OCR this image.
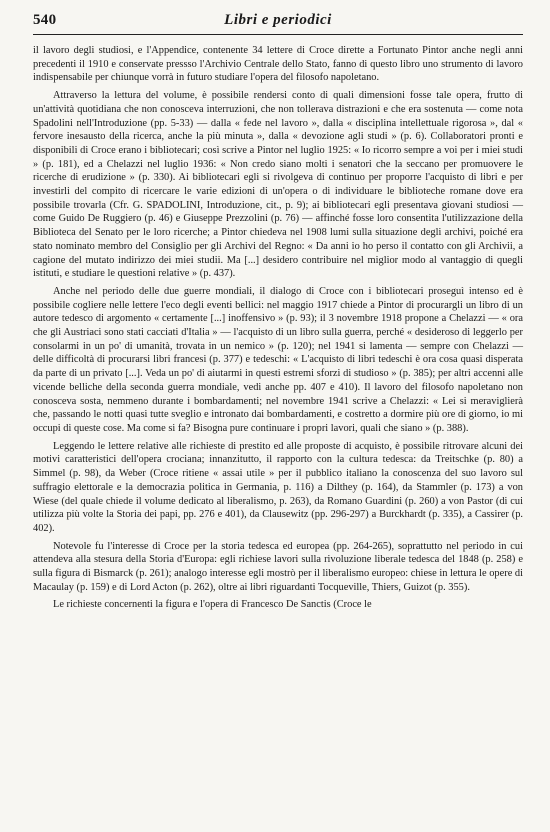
540	Libri e periodici

il lavoro degli studiosi, e l'Appendice, contenente 34 lettere di Croce dirette a Fortunato Pintor anche negli anni precedenti il 1910 e conservate pressso l'Archivio Centrale dello Stato, fanno di questo libro uno strumento di lavoro indispensabile per chiunque vorrà in futuro studiare l'opera del filosofo napoletano.

Attraverso la lettura del volume, è possibile rendersi conto di quali dimensioni fosse tale opera, frutto di un'attività quotidiana che non conosceva interruzioni, che non tollerava distrazioni e che era sostenuta — come nota Spadolini nell'Introduzione (pp. 5-33) — dalla « fede nel lavoro », dalla « disciplina intellettuale rigorosa », dal « fervore inesausto della ricerca, anche la più minuta », dalla « devozione agli studi » (p. 6). Collaboratori pronti e disponibili di Croce erano i bibliotecari; così scrive a Pintor nel luglio 1925: « Io ricorro sempre a voi per i miei studi » (p. 181), ed a Chelazzi nel luglio 1936: « Non credo siano molti i senatori che la seccano per promuovere le ricerche di erudizione » (p. 330). Ai bibliotecari egli si rivolgeva di continuo per proporre l'acquisto di libri e per investirli del compito di ricercare le varie edizioni di un'opera o di individuare le biblioteche romane dove era possibile trovarla (Cfr. G. SPADOLINI, Introduzione, cit., p. 9); ai bibliotecari egli presentava giovani studiosi — come Guido De Ruggiero (p. 46) e Giuseppe Prezzolini (p. 76) — affinché fosse loro consentita l'utilizzazione della Biblioteca del Senato per le loro ricerche; a Pintor chiedeva nel 1908 lumi sulla situazione degli archivi, poiché era stato nominato membro del Consiglio per gli Archivi del Regno: « Da anni io ho perso il contatto con gli Archivii, a cagione del mutato indirizzo dei miei studii. Ma [...] desidero contribuire nel miglior modo al vantaggio di quegli istituti, e studiare le questioni relative » (p. 437).

Anche nel periodo delle due guerre mondiali, il dialogo di Croce con i bibliotecari proseguì intenso ed è possibile cogliere nelle lettere l'eco degli eventi bellici: nel maggio 1917 chiede a Pintor di procurargli un libro di un autore tedesco di argomento « certamente [...] inoffensivo » (p. 93); il 3 novembre 1918 propone a Chelazzi — « ora che gli Austriaci sono stati cacciati d'Italia » — l'acquisto di un libro sulla guerra, perché « desideroso di leggerlo per consolarmi in un po' di umanità, trovata in un nemico » (p. 120); nel 1941 si lamenta — sempre con Chelazzi — delle difficoltà di procurarsi libri francesi (p. 377) e tedeschi: « L'acquisto di libri tedeschi è ora cosa quasi disperata da parte di un privato [...]. Veda un po' di aiutarmi in questi estremi sforzi di studioso » (p. 385); per altri accenni alle vicende belliche della seconda guerra mondiale, vedi anche pp. 407 e 410). Il lavoro del filosofo napoletano non conosceva sosta, nemmeno durante i bombardamenti; nel novembre 1941 scrive a Chelazzi: « Lei si meraviglierà che, passando le notti quasi tutte sveglio e intronato dai bombardamenti, e costretto a dormire più ore di giorno, io mi occupi di queste cose. Ma come si fa? Bisogna pure continuare i propri lavori, quali che siano » (p. 388).

Leggendo le lettere relative alle richieste di prestito ed alle proposte di acquisto, è possibile ritrovare alcuni dei motivi caratteristici dell'opera crociana; innanzitutto, il rapporto con la cultura tedesca: da Treitschke (p. 80) a Simmel (p. 98), da Weber (Croce ritiene « assai utile » per il pubblico italiano la conoscenza del suo lavoro sul suffragio elettorale e la democrazia politica in Germania, p. 116) a Dilthey (p. 164), da Stammler (p. 173) a von Wiese (del quale chiede il volume dedicato al liberalismo, p. 263), da Romano Guardini (p. 260) a von Pastor (di cui utilizza più volte la Storia dei papi, pp. 276 e 401), da Clausewitz (pp. 296-297) a Burckhardt (p. 335), a Cassirer (p. 402).

Notevole fu l'interesse di Croce per la storia tedesca ed europea (pp. 264-265), soprattutto nel periodo in cui attendeva alla stesura della Storia d'Europa: egli richiese lavori sulla rivoluzione liberale tedesca del 1848 (p. 258) e sulla figura di Bismarck (p. 261); analogo interesse egli mostrò per il liberalismo europeo: chiese in lettura le opere di Macaulay (p. 159) e di Lord Acton (p. 262), oltre ai libri riguardanti Tocqueville, Thiers, Guizot (p. 355).

Le richieste concernenti la figura e l'opera di Francesco De Sanctis (Croce le
